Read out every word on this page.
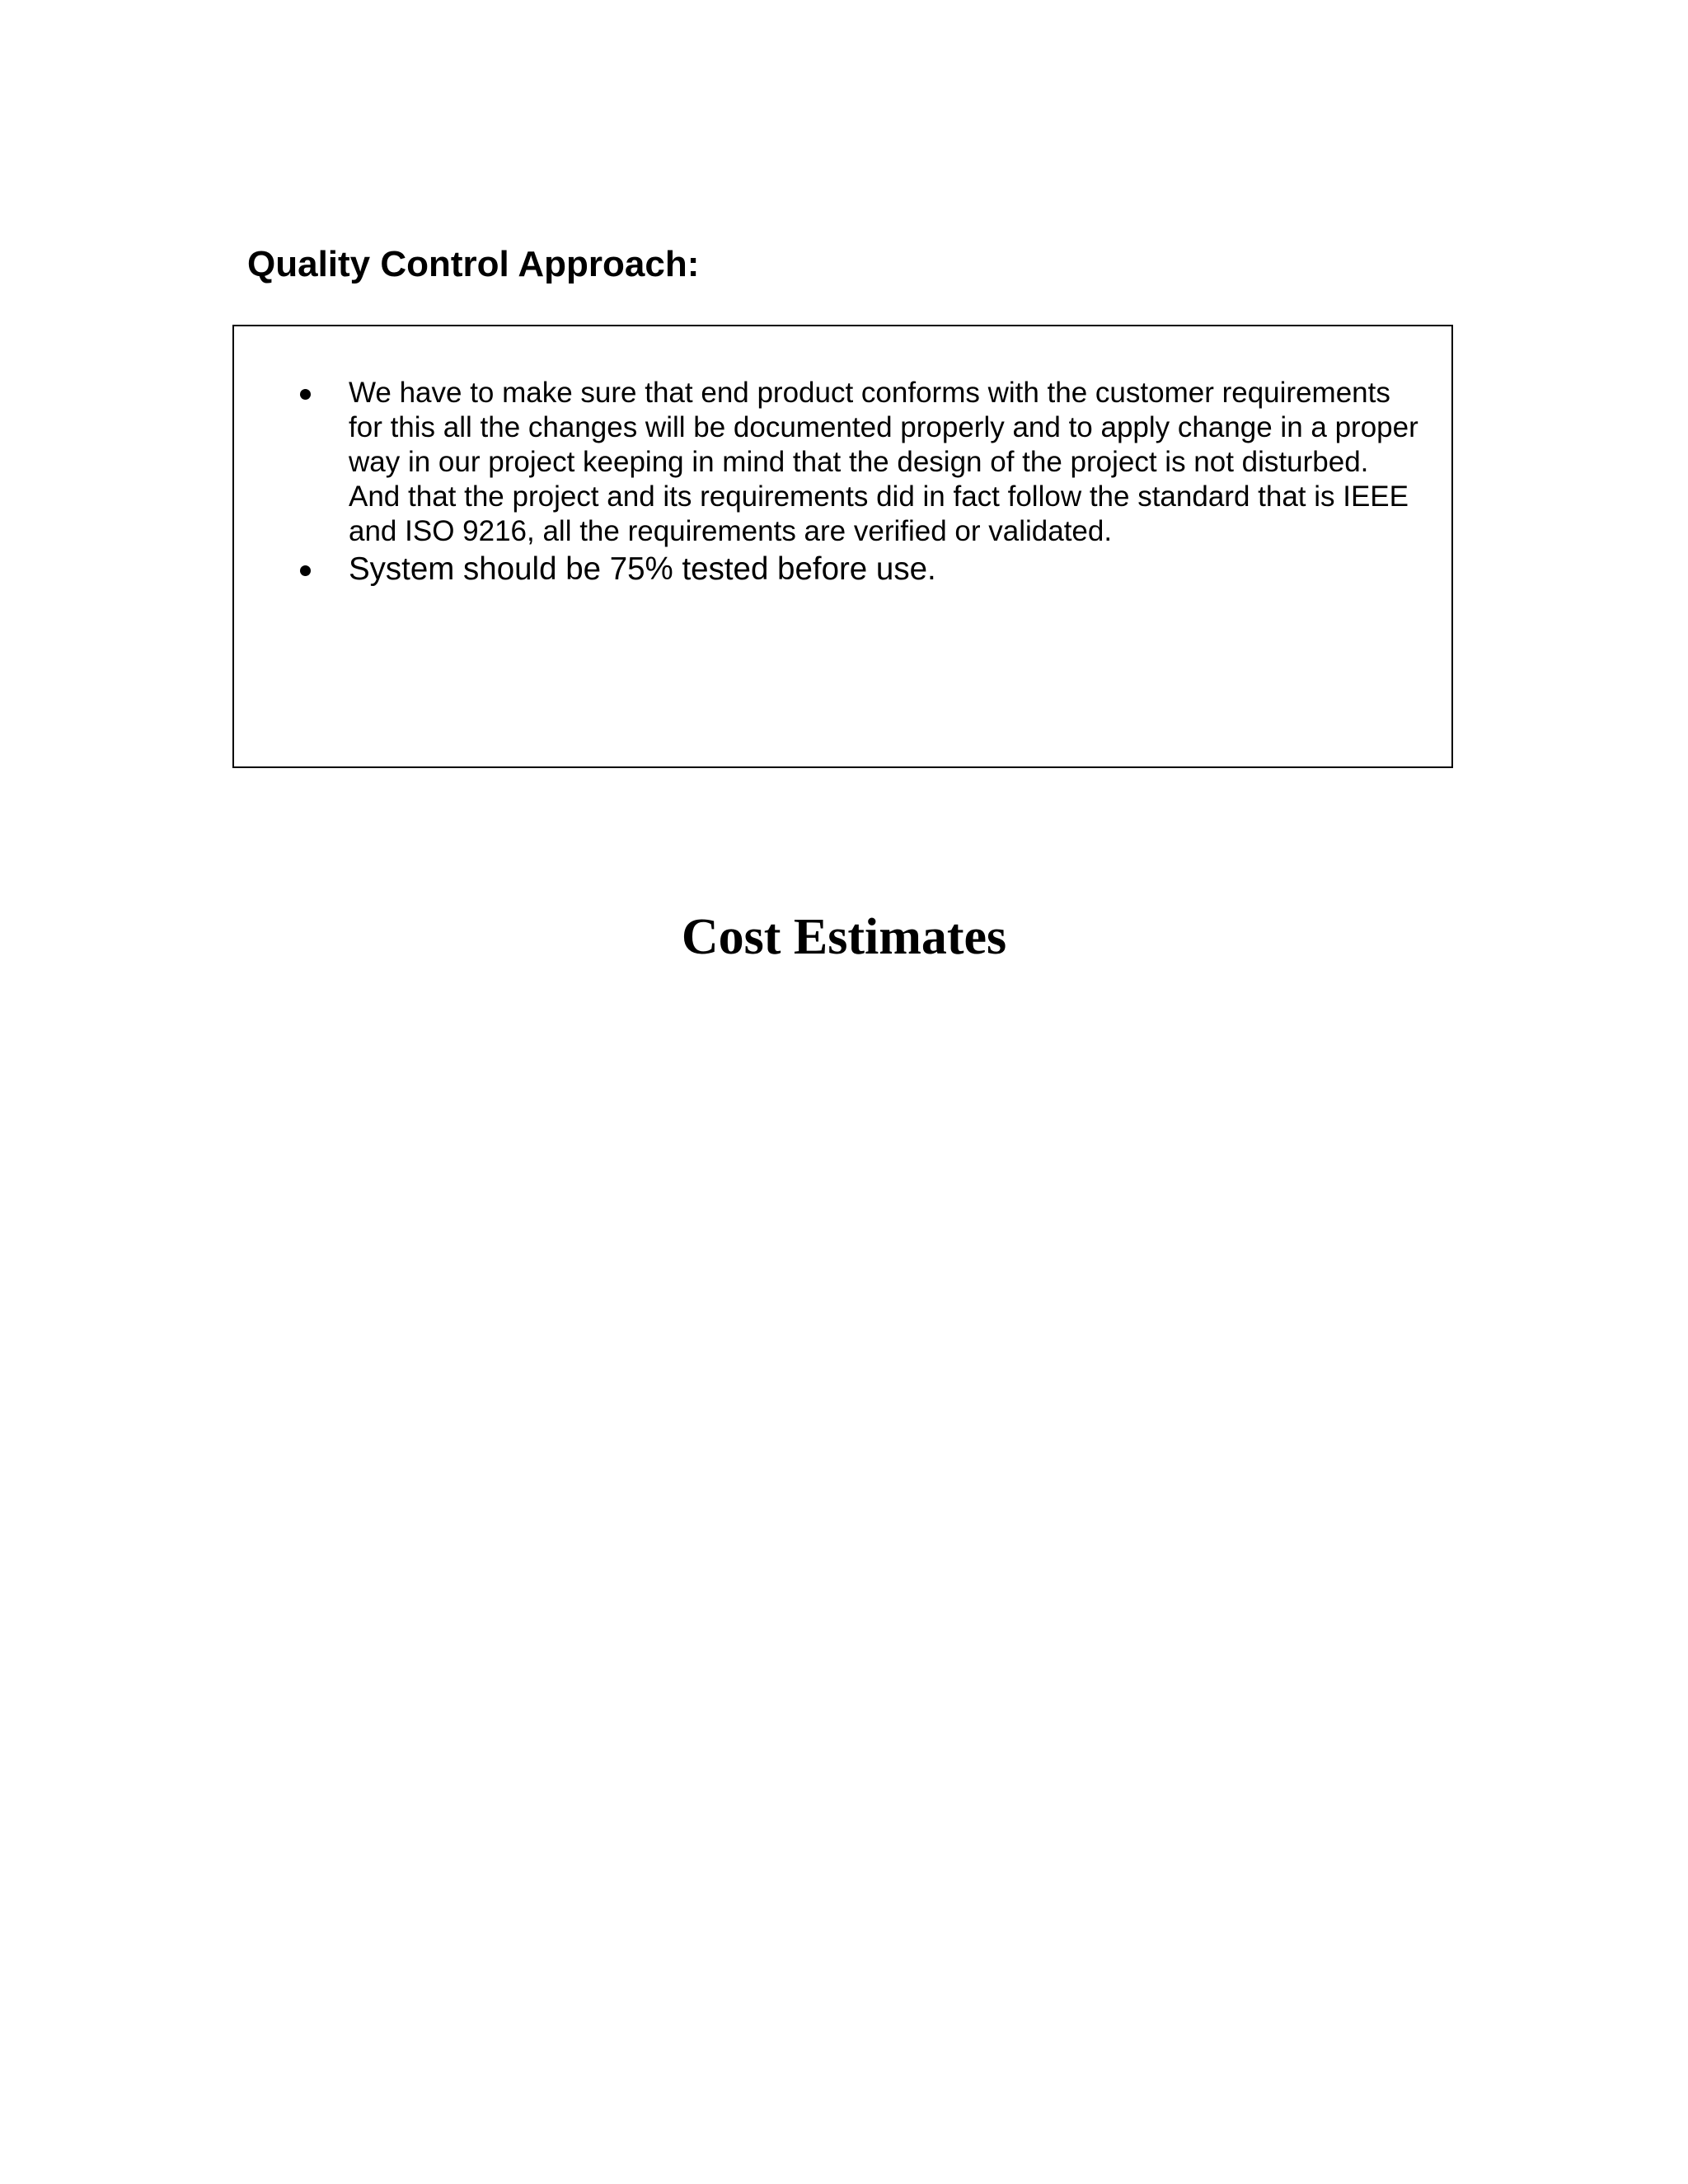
Quality Control Approach:
We have to make sure that end product conforms with the customer requirements for this all the changes will be documented properly and to apply change in a proper way in our project keeping in mind that the design of the project is not disturbed. And that the project and its requirements did in fact follow the standard that is IEEE and ISO 9216, all the requirements are verified or validated.
System should be 75% tested before use.
Cost Estimates
